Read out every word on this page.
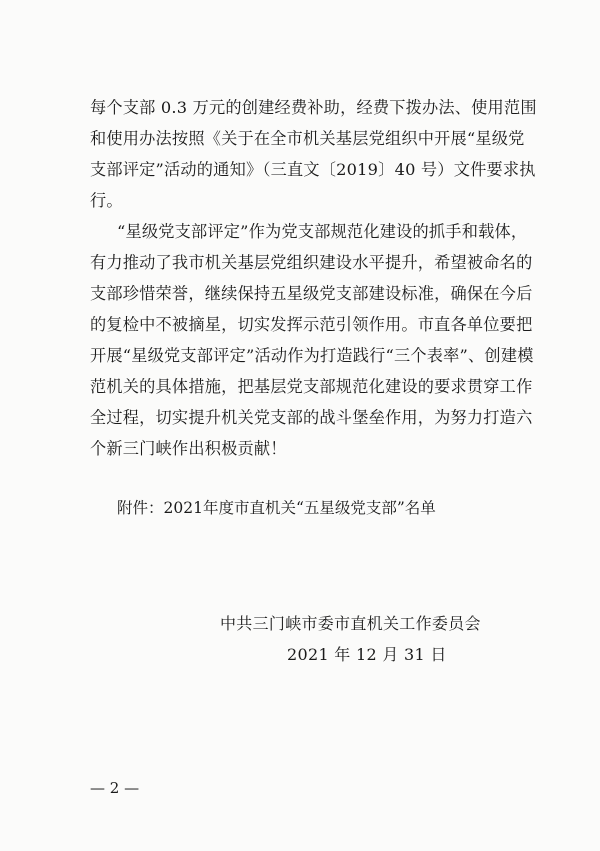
每个支部 0.3 万元的创建经费补助，经费下拨办法、使用范围
和使用办法按照《关于在全市机关基层党组织中开展“星级党
支部评定”活动的通知》（三直文〔2019〕40 号）文件要求执
行。
“星级党支部评定”作为党支部规范化建设的抓手和载体，
有力推动了我市机关基层党组织建设水平提升，希望被命名的
支部珍惜荣誉，继续保持五星级党支部建设标准，确保在今后
的复检中不被摘星，切实发挥示范引领作用。市直各单位要把
开展“星级党支部评定”活动作为打造践行“三个表率”、创建模
范机关的具体措施，把基层党支部规范化建设的要求贯穿工作
全过程，切实提升机关党支部的战斗堡垒作用，为努力打造六
个新三门峡作出积极贡献！
附件：2021年度市直机关“五星级党支部”名单
中共三门峡市委市直机关工作委员会
2021 年 12 月 31 日
— 2 —
